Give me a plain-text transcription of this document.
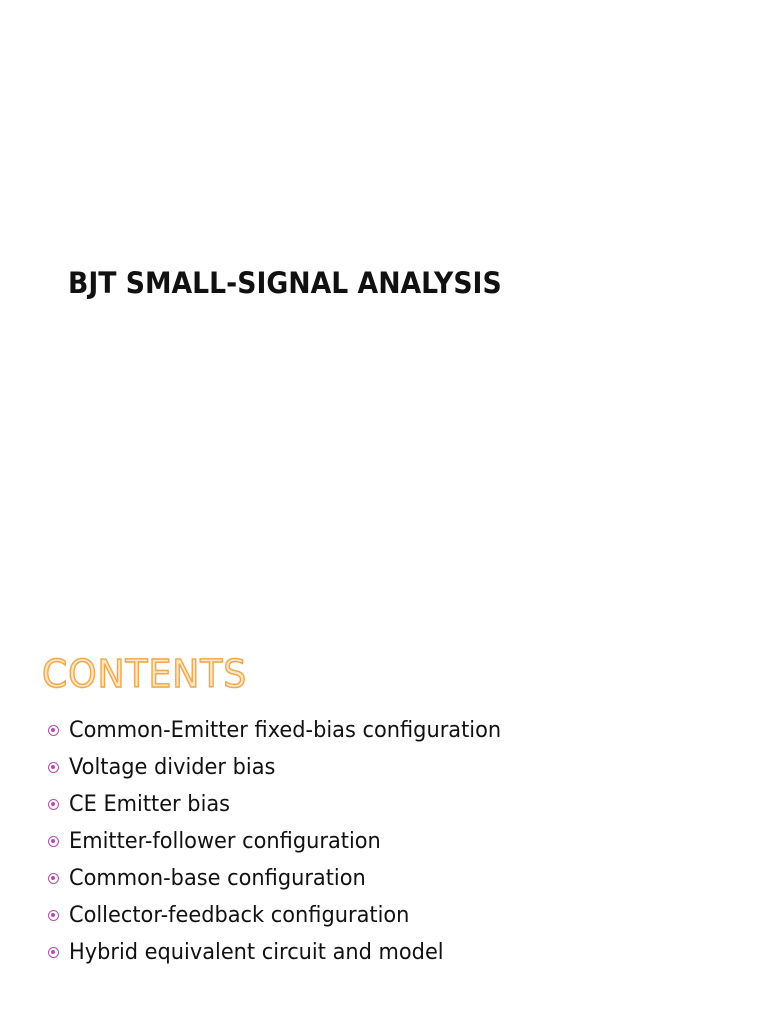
BJT SMALL-SIGNAL ANALYSIS
CONTENTS
Common-Emitter fixed-bias configuration
Voltage divider bias
CE Emitter bias
Emitter-follower configuration
Common-base configuration
Collector-feedback configuration
Hybrid equivalent circuit and model
